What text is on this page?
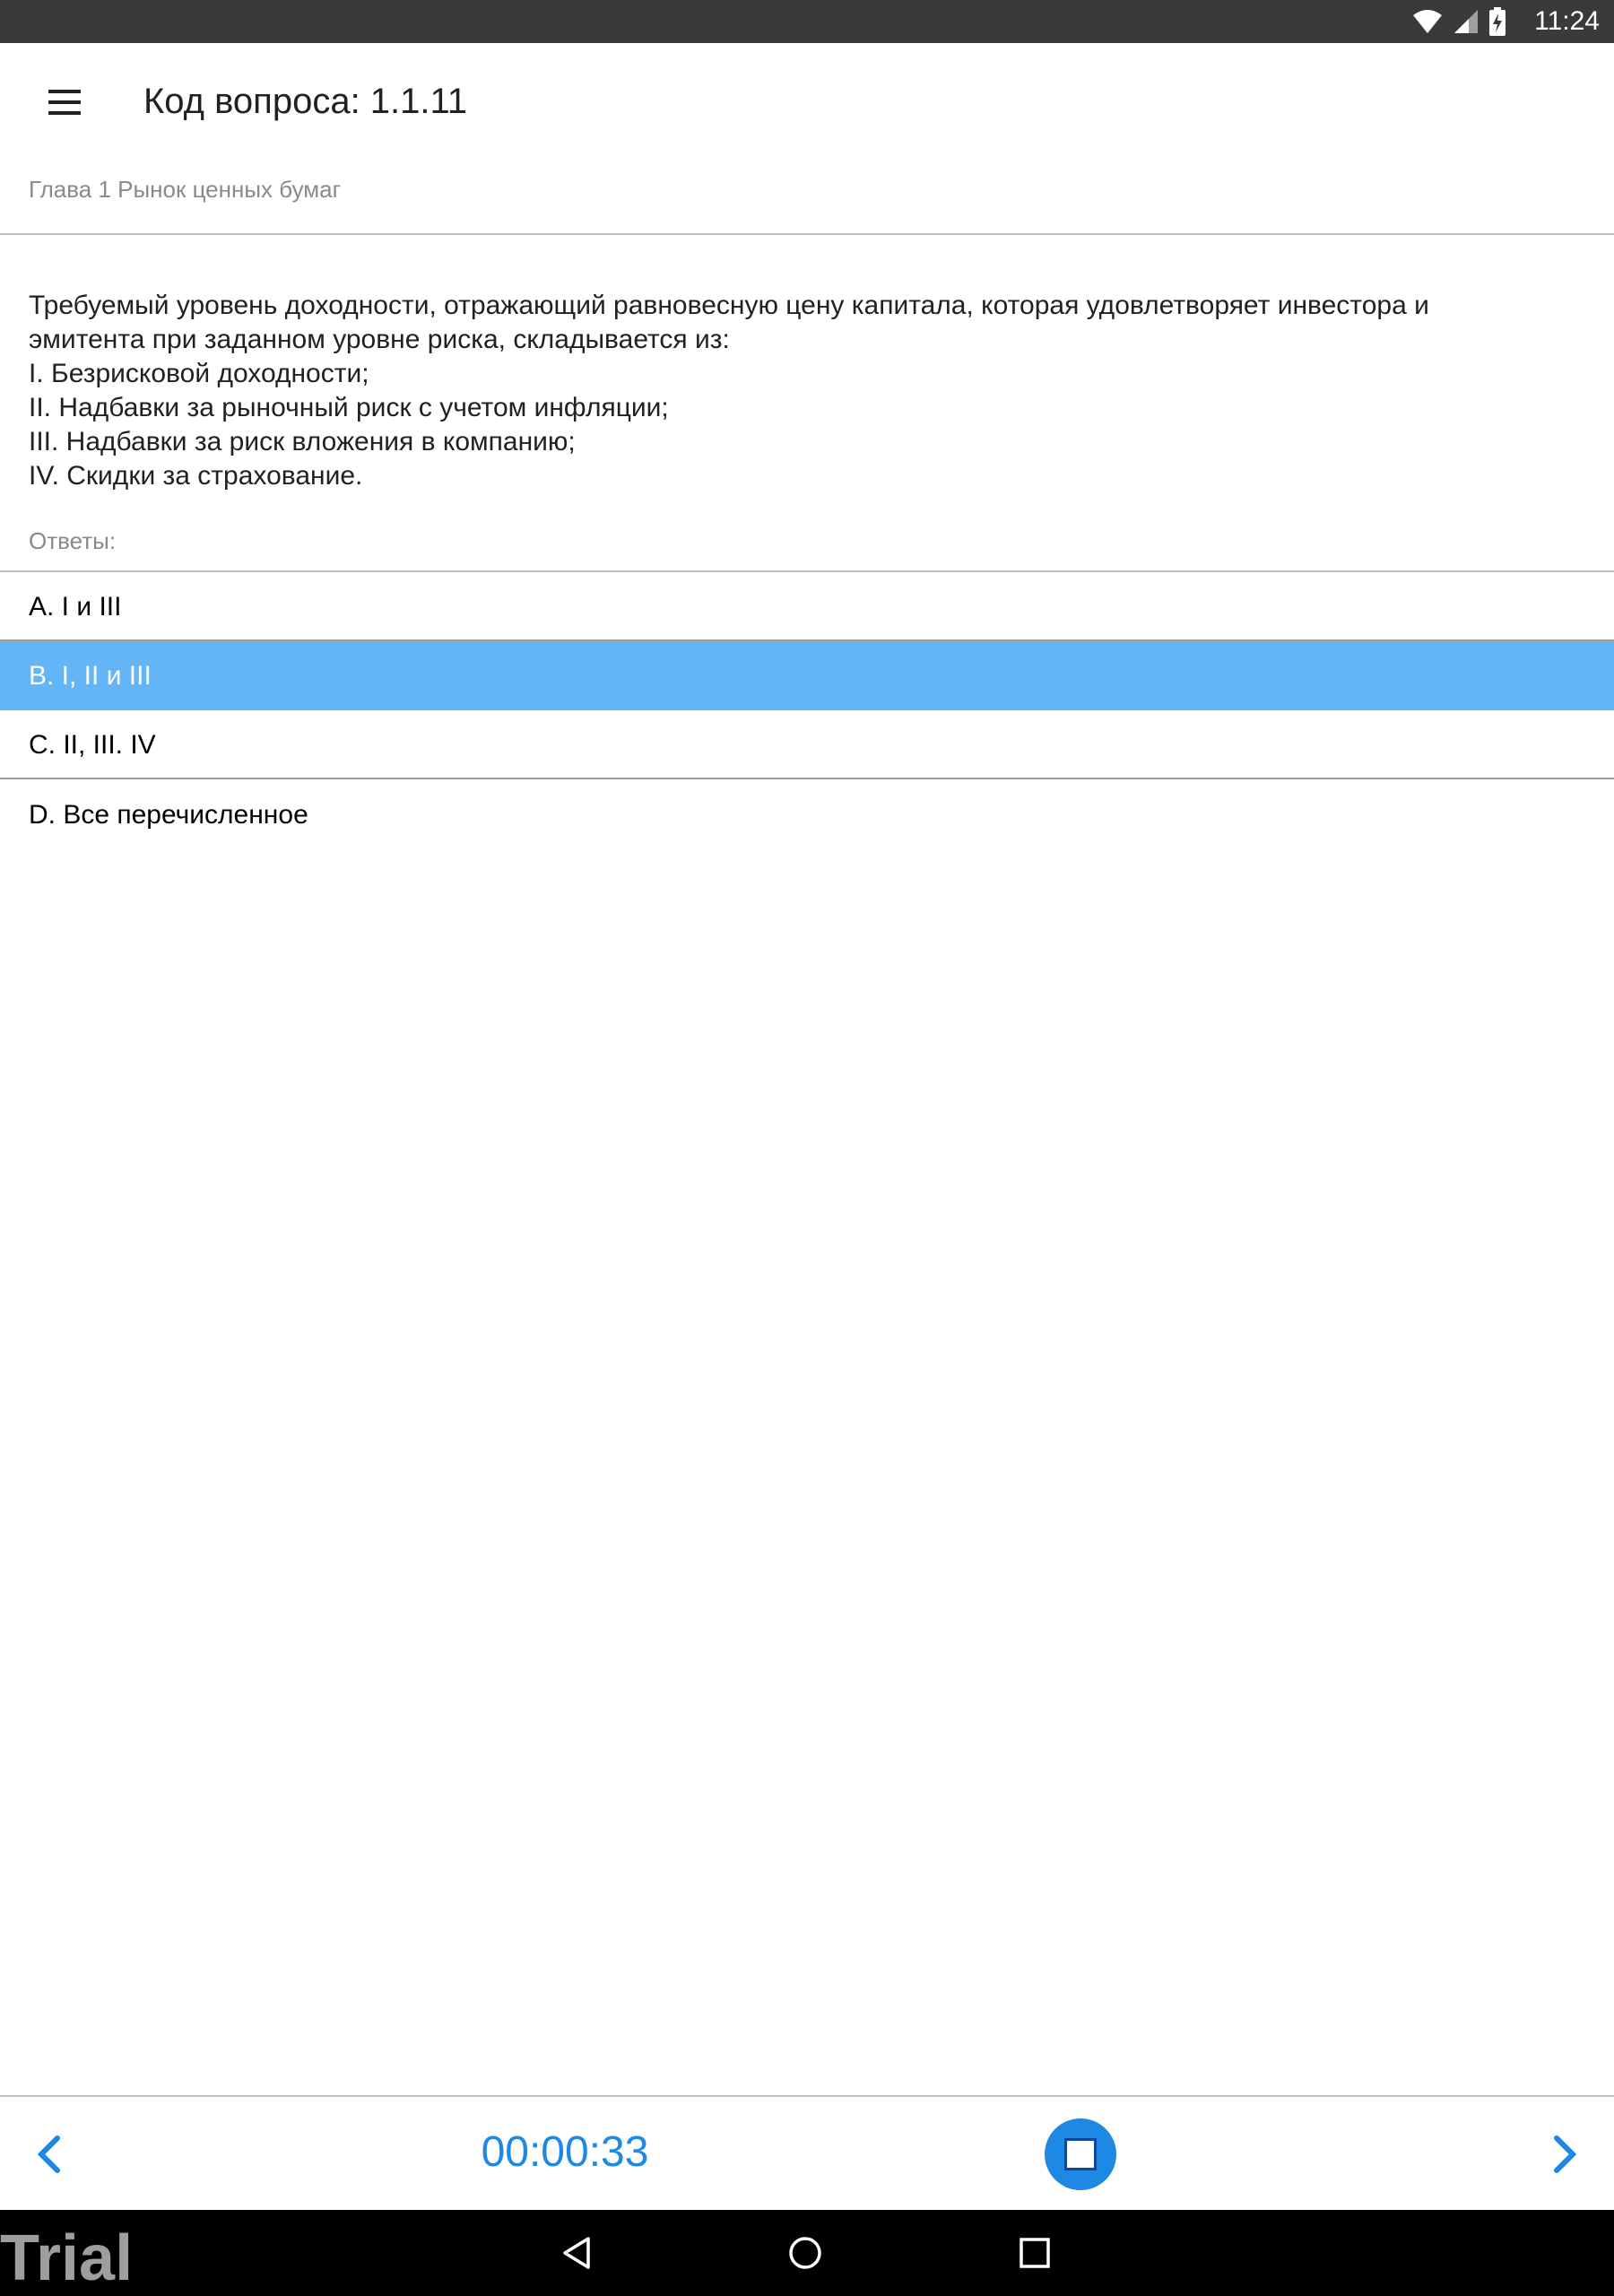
11:24
Код вопроса: 1.1.11
Глава 1 Рынок ценных бумаг
Требуемый уровень доходности, отражающий равновесную цену капитала, которая удовлетворяет инвестора и
эмитента при заданном уровне риска, складывается из:
I. Безрисковой доходности;
II. Надбавки за рыночный риск с учетом инфляции;
III. Надбавки за риск вложения в компанию;
IV. Скидки за страхование.
Ответы:
A. I и III
B. I, II и III
C. II, III. IV
D. Все перечисленное
00:00:33
Trial
